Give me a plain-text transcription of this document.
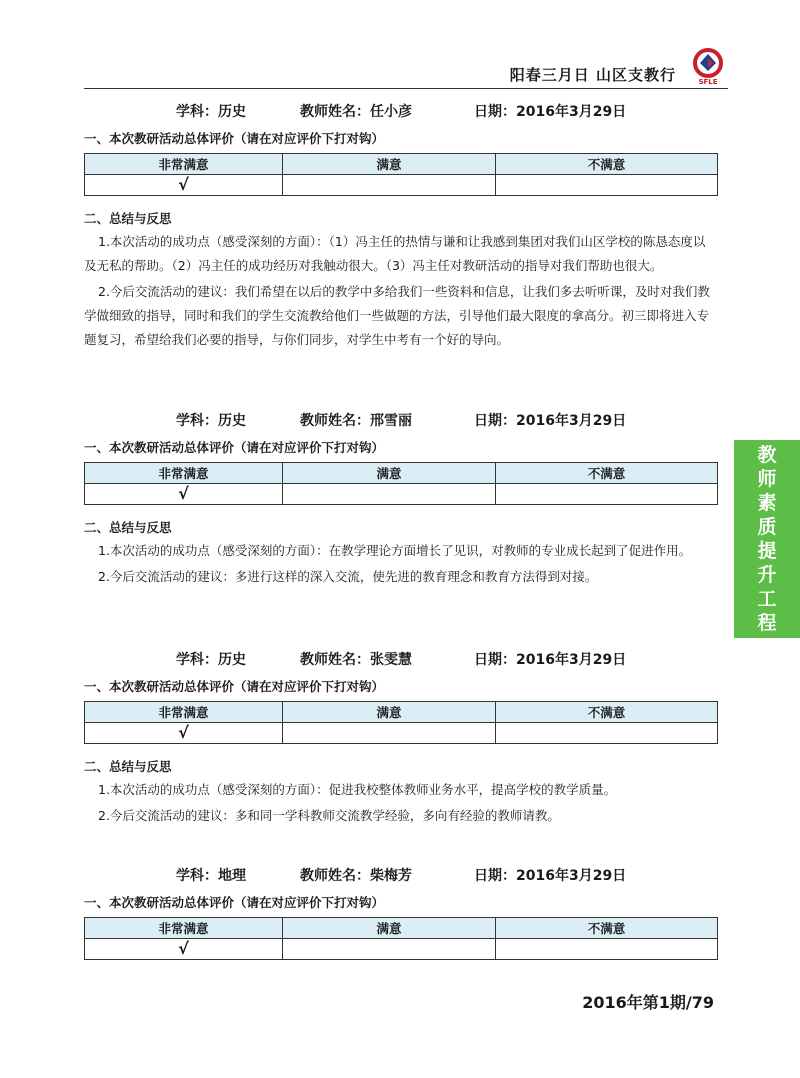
阳春三月日 山区支教行	SFLE
教
师
素
质
提
升
工
程
学科：历史	教师姓名：任小彦	日期：2016年3月29日
一、本次教研活动总体评价（请在对应评价下打对钩）
非常满意	满意	不满意
√		
二、总结与反思
1.本次活动的成功点（感受深刻的方面）：（1）冯主任的热情与谦和让我感到集团对我们山区学校的陈恳态度以及无私的帮助。（2）冯主任的成功经历对我触动很大。（3）冯主任对教研活动的指导对我们帮助也很大。
2.今后交流活动的建议：我们希望在以后的教学中多给我们一些资料和信息，让我们多去听听课，及时对我们教学做细致的指导，同时和我们的学生交流教给他们一些做题的方法，引导他们最大限度的拿高分。初三即将进入专题复习，希望给我们必要的指导，与你们同步，对学生中考有一个好的导向。
学科：历史	教师姓名：邢雪丽	日期：2016年3月29日
一、本次教研活动总体评价（请在对应评价下打对钩）
非常满意	满意	不满意
√		
二、总结与反思
1.本次活动的成功点（感受深刻的方面）：在教学理论方面增长了见识，对教师的专业成长起到了促进作用。
2.今后交流活动的建议：多进行这样的深入交流，使先进的教育理念和教育方法得到对接。
学科：历史	教师姓名：张雯慧	日期：2016年3月29日
一、本次教研活动总体评价（请在对应评价下打对钩）
非常满意	满意	不满意
√		
二、总结与反思
1.本次活动的成功点（感受深刻的方面）：促进我校整体教师业务水平，提高学校的教学质量。
2.今后交流活动的建议：多和同一学科教师交流教学经验，多向有经验的教师请教。
学科：地理	教师姓名：柴梅芳	日期：2016年3月29日
一、本次教研活动总体评价（请在对应评价下打对钩）
非常满意	满意	不满意
√		
2016年第1期/79
